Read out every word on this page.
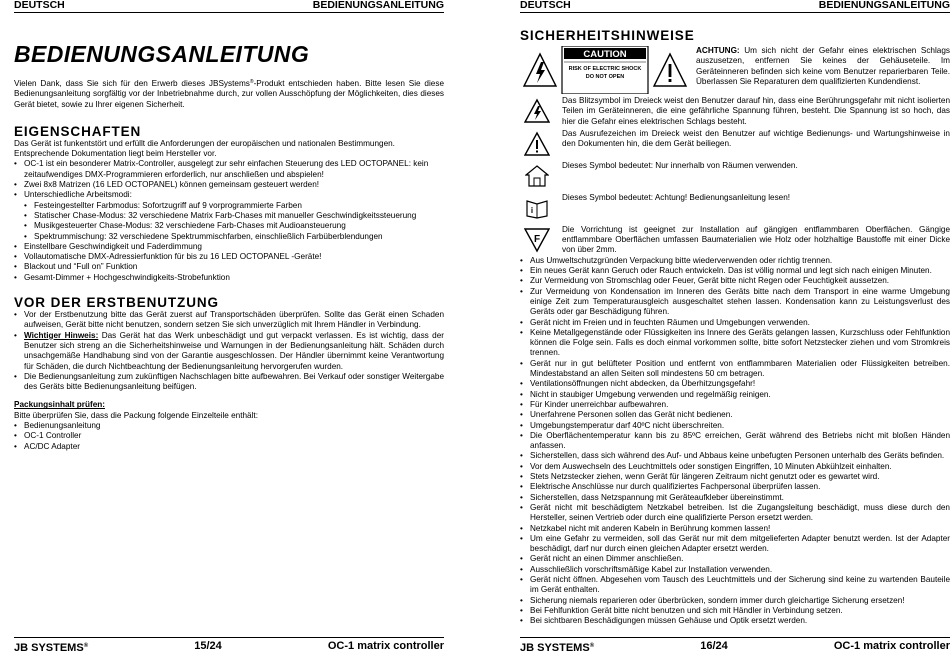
DEUTSCH	BEDIENUNGSANLEITUNG
BEDIENUNGSANLEITUNG

Vielen Dank, dass Sie sich für den Erwerb dieses JBSystems®-Produkt entschieden haben. Bitte lesen Sie diese Bedienungsanleitung sorgfältig vor der Inbetriebnahme durch, zur vollen Ausschöpfung der Möglichkeiten, dies dieses Gerät bietet, sowie zu Ihrer eigenen Sicherheit.

EIGENSCHAFTEN

Das Gerät ist funkentstört und erfüllt die Anforderungen der europäischen und nationalen Bestimmungen. Entsprechende Dokumentation liegt beim Hersteller vor.

• OC-1 ist ein besonderer Matrix-Controller, ausgelegt zur sehr einfachen Steuerung des LED OCTOPANEL: kein zeitaufwendiges DMX-Programmieren erforderlich, nur anschließen und abspielen!
• Zwei 8x8 Matrizen (16 LED OCTOPANEL) können gemeinsam gesteuert werden!
• Unterschiedliche Arbeitsmodi:
• Festeingestellter Farbmodus: Sofortzugriff auf 9 vorprogrammierte Farben
• Statischer Chase-Modus: 32 verschiedene Matrix Farb-Chases mit manueller Geschwindigkeitssteuerung
• Musikgesteuerter Chase-Modus: 32 verschiedene Farb-Chases mit Audioansteuerung
• Spektrummischung: 32 verschiedene Spektrummischfarben, einschließlich Farbüberblendungen
• Einstellbare Geschwindigkeit und Faderdimmung
• Vollautomatische DMX-Adressierfunktion für bis zu 16 LED OCTOPANEL -Geräte!
• Blackout und “Full on” Funktion
• Gesamt-Dimmer + Hochgeschwindigkeits-Strobefunktion
VOR DER ERSTBENUTZUNG
• Vor der Erstbenutzung bitte das Gerät zuerst auf Transportschäden überprüfen. Sollte das Gerät einen Schaden aufweisen, Gerät bitte nicht benutzen, sondern setzen Sie sich unverzüglich mit Ihrem Händler in Verbindung.
• Wichtiger Hinweis: Das Gerät hat das Werk unbeschädigt und gut verpackt verlassen. Es ist wichtig, dass der Benutzer sich streng an die Sicherheitshinweise und Warnungen in der Bedienungsanleitung hält. Schäden durch unsachgemäße Handhabung sind von der Garantie ausgeschlossen. Der Händler übernimmt keine Verantwortung für Schäden, die durch Nichtbeachtung der Bedienungsanleitung hervorgerufen wurden.
• Die Bedienungsanleitung zum zukünftigen Nachschlagen bitte aufbewahren. Bei Verkauf oder sonstiger Weitergabe des Geräts bitte Bedienungsanleitung beifügen.

Packungsinhalt prüfen:

Bitte überprüfen Sie, dass die Packung folgende Einzelteile enthält:

• Bedienungsanleitung
• OC-1 Controller
• AC/DC Adapter
JB SYSTEMS®	15/24	OC-1 matrix controller
DEUTSCH	BEDIENUNGSANLEITUNG
SICHERHEITSHINWEISE
CAUTION
RISK OF ELECTRIC SHOCK
DO NOT OPEN

ACHTUNG: Um sich nicht der Gefahr eines elektrischen Schlags auszusetzen, entfernen Sie keines der Gehäuseteile. Im Geräteinneren befinden sich keine vom Benutzer reparierbaren Teile. Überlassen Sie Reparaturen dem qualifizierten Kundendienst.

Das Blitzsymbol im Dreieck weist den Benutzer darauf hin, dass eine Berührungsgefahr mit nicht isolierten Teilen im Geräteinneren, die eine gefährliche Spannung führen, besteht. Die Spannung ist so hoch, das hier die Gefahr eines elektrischen Schlags besteht.

Das Ausrufezeichen im Dreieck weist den Benutzer auf wichtige Bedienungs- und Wartungshinweise in den Dokumenten hin, die dem Gerät beiliegen.

Dieses Symbol bedeutet: Nur innerhalb von Räumen verwenden.

i

Dieses Symbol bedeutet: Achtung! Bedienungsanleitung lesen!

F

Die Vorrichtung ist geeignet zur Installation auf gängigen entflammbaren Oberflächen. Gängige entflammbare Oberflächen umfassen Baumaterialien wie Holz oder holzhaltige Baustoffe mit einer Dicke von über 2mm.

• Aus Umweltschutzgründen Verpackung bitte wiederverwenden oder richtig trennen.
• Ein neues Gerät kann Geruch oder Rauch entwickeln. Das ist völlig normal und legt sich nach einigen Minuten.
• Zur Vermeidung von Stromschlag oder Feuer, Gerät bitte nicht Regen oder Feuchtigkeit aussetzen.
• Zur Vermeidung von Kondensation im Inneren des Geräts bitte nach dem Transport in eine warme Umgebung einige Zeit zum Temperaturausgleich ausgeschaltet stehen lassen. Kondensation kann zu Leistungsverlust des Geräts oder gar Beschädigung führen.
• Gerät nicht im Freien und in feuchten Räumen und Umgebungen verwenden.
• Keine Metallgegenstände oder Flüssigkeiten ins Innere des Geräts gelangen lassen, Kurzschluss oder Fehlfunktion können die Folge sein. Falls es doch einmal vorkommen sollte, bitte sofort Netzstecker ziehen und vom Stromkreis trennen.
• Gerät nur in gut belüfteter Position und entfernt von entflammbaren Materialien oder Flüssigkeiten betreiben. Mindestabstand an allen Seiten soll mindestens 50 cm betragen.
• Ventilationsöffnungen nicht abdecken, da Überhitzungsgefahr!
• Nicht in staubiger Umgebung verwenden und regelmäßig reinigen.
• Für Kinder unerreichbar aufbewahren.
• Unerfahrene Personen sollen das Gerät nicht bedienen.
• Umgebungstemperatur darf 40ºC nicht überschreiten.
• Die Oberflächentemperatur kann bis zu 85ºC erreichen, Gerät während des Betriebs nicht mit bloßen Händen anfassen.
• Sicherstellen, dass sich während des Auf- und Abbaus keine unbefugten Personen unterhalb des Geräts befinden.
• Vor dem Auswechseln des Leuchtmittels oder sonstigen Eingriffen, 10 Minuten Abkühlzeit einhalten.
• Stets Netzstecker ziehen, wenn Gerät für längeren Zeitraum nicht genutzt oder es gewartet wird.
• Elektrische Anschlüsse nur durch qualifiziertes Fachpersonal überprüfen lassen.
• Sicherstellen, dass Netzspannung mit Geräteaufkleber übereinstimmt.
• Gerät nicht mit beschädigtem Netzkabel betreiben. Ist die Zugangsleitung beschädigt, muss diese durch den Hersteller, seinen Vertrieb oder durch eine qualifizierte Person ersetzt werden.
• Netzkabel nicht mit anderen Kabeln in Berührung kommen lassen!
• Um eine Gefahr zu vermeiden, soll das Gerät nur mit dem mitgelieferten Adapter benutzt werden. Ist der Adapter beschädigt, darf nur durch einen gleichen Adapter ersetzt werden.
• Gerät nicht an einen Dimmer anschließen.
• Ausschließlich vorschriftsmäßige Kabel zur Installation verwenden.
• Gerät nicht öffnen. Abgesehen vom Tausch des Leuchtmittels und der Sicherung sind keine zu wartenden Bauteile im Gerät enthalten.
• Sicherung niemals reparieren oder überbrücken, sondern immer durch gleichartige Sicherung ersetzen!
• Bei Fehlfunktion Gerät bitte nicht benutzen und sich mit Händler in Verbindung setzen.
• Bei sichtbaren Beschädigungen müssen Gehäuse und Optik ersetzt werden.
JB SYSTEMS®	16/24	OC-1 matrix controller
